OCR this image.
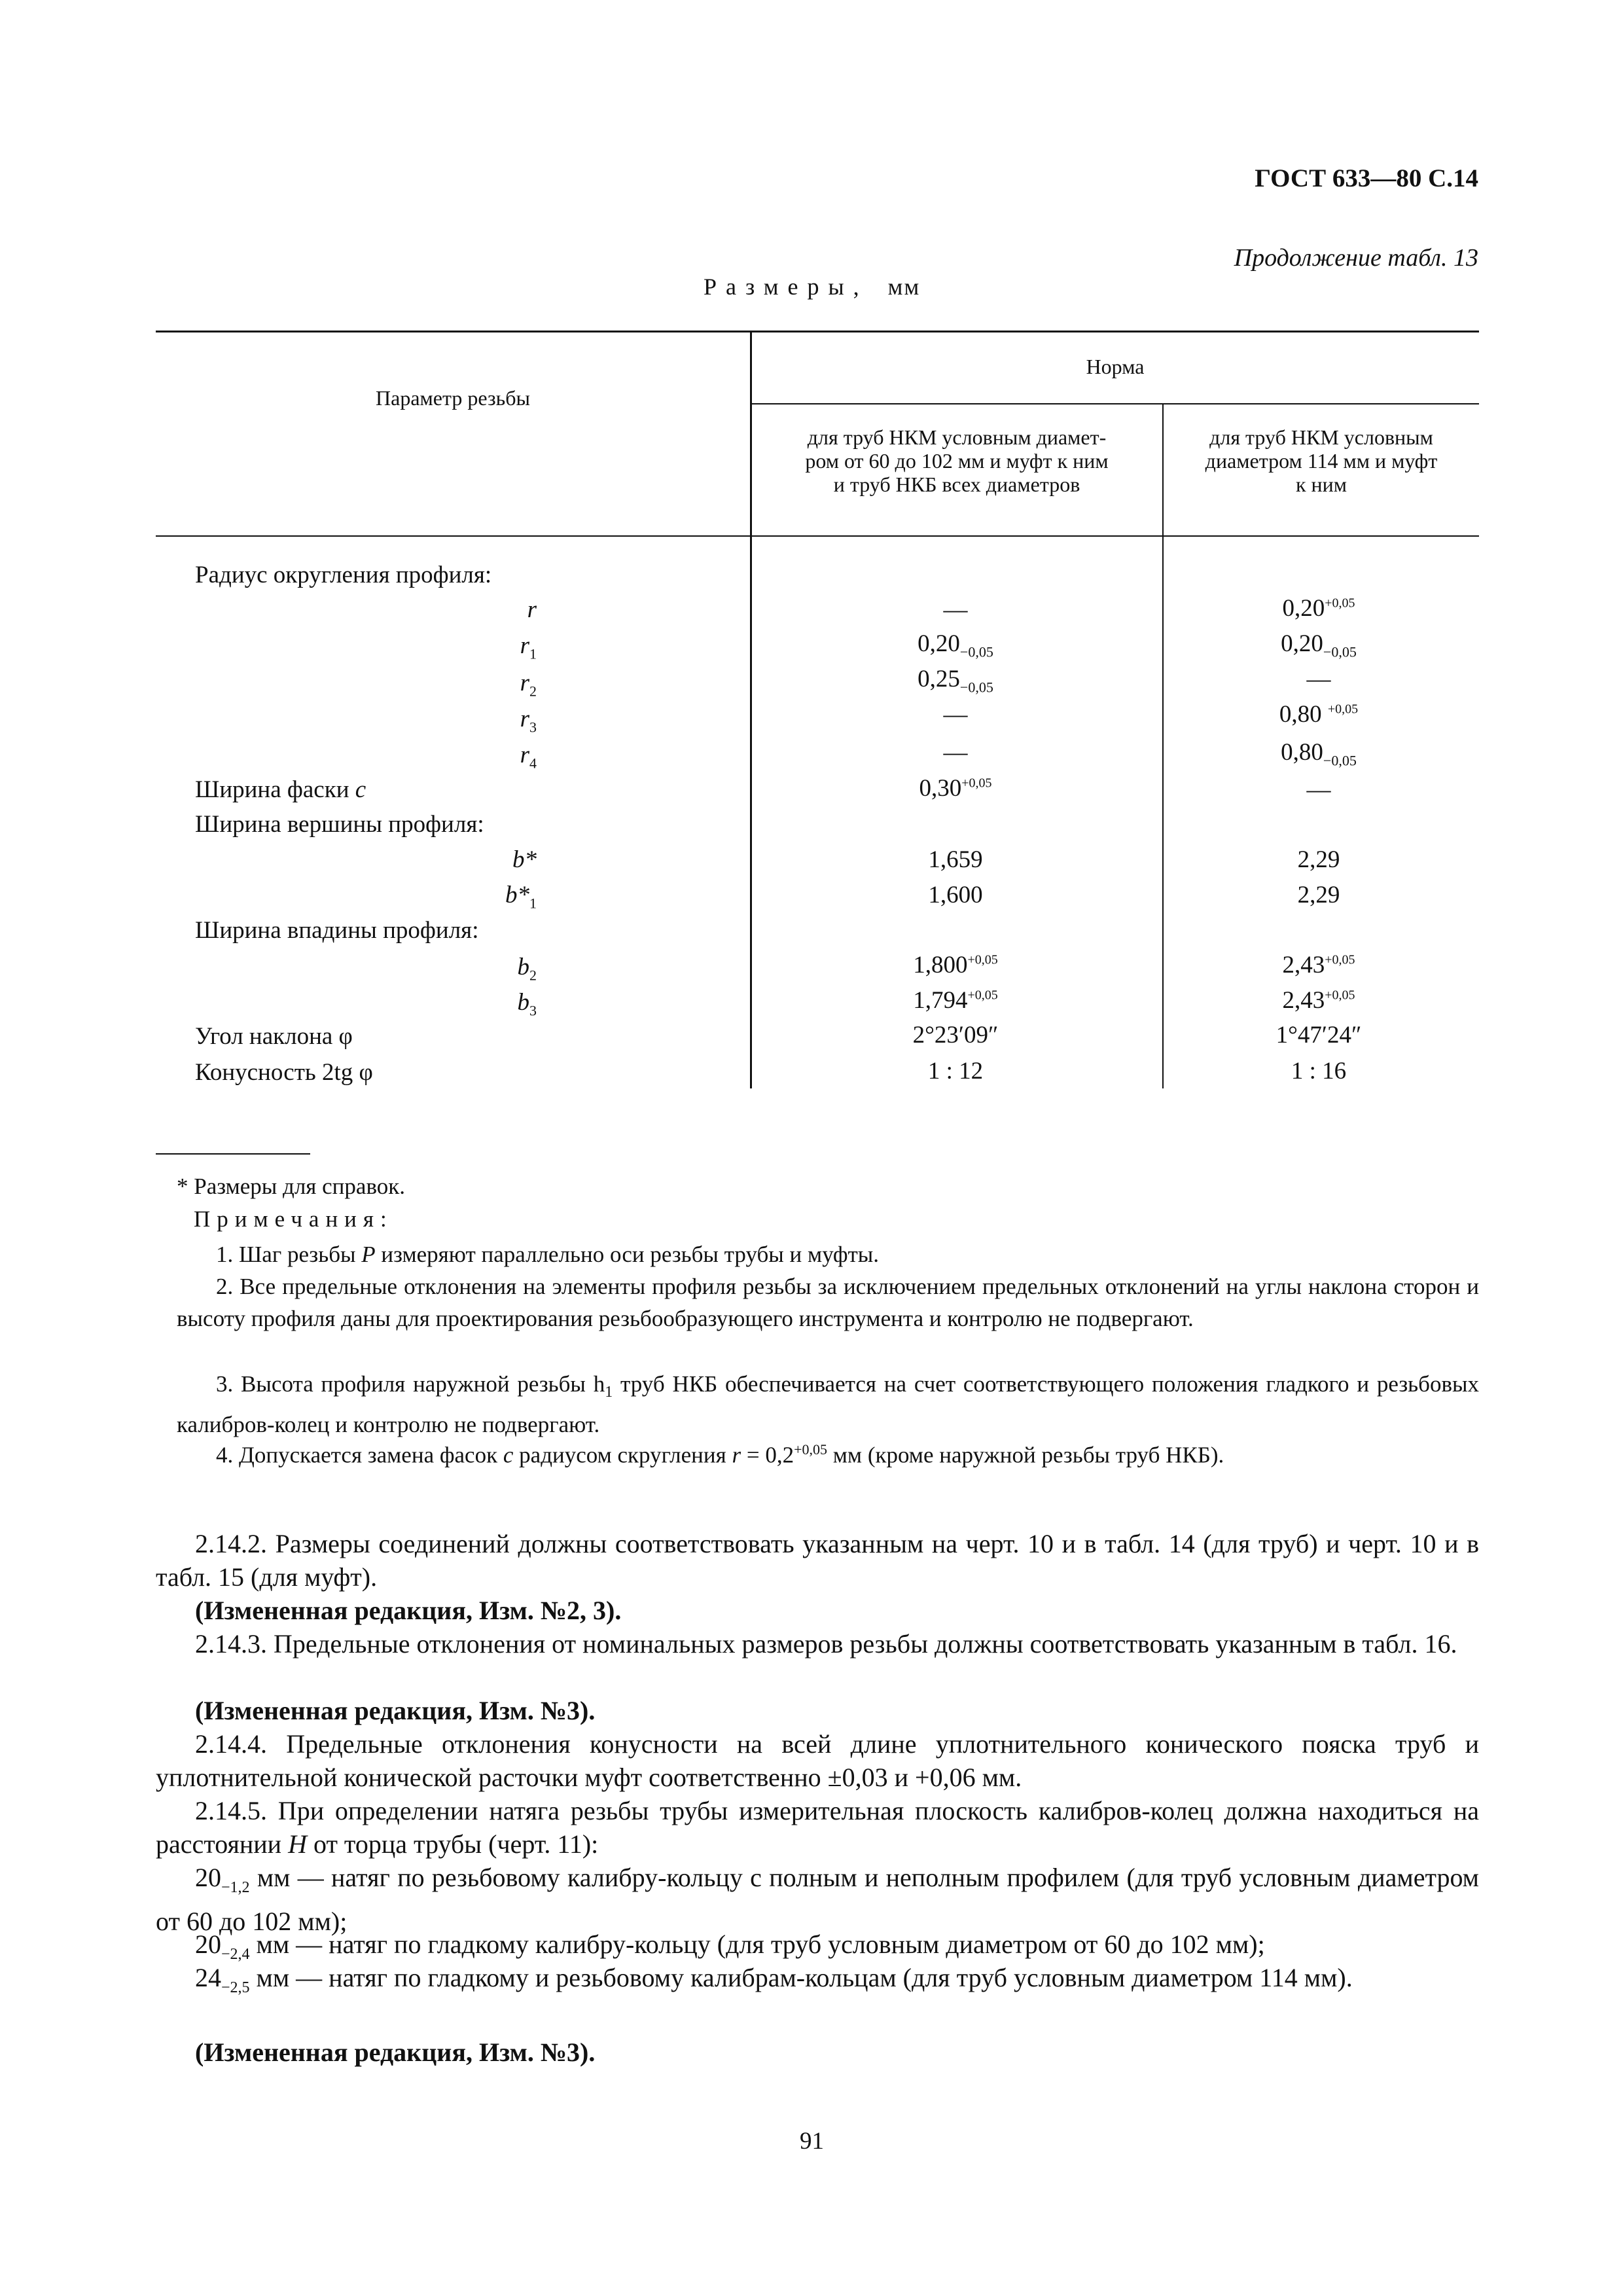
ГОСТ 633—80 С.14
Продолжение табл. 13
Размеры, мм
Параметр резьбы
Норма
для труб НКМ условным диамет-
ром от 60 до 102 мм и муфт к ним
и труб НКБ всех диаметров
для труб НКМ условным
диаметром 114 мм и муфт
к ним
Радиус округления профиля:
r	—	$0,20^{+0,05}$
$r_1$	$0,20_{-0,05}$	$0,20_{-0,05}$
$r_2$	$0,25_{-0,05}$	—
$r_3$	—	0,80 $^{+0,05}$
$r_4$	—	$0,80_{-0,05}$
Ширина фаски c	$0,30^{+0,05}$	—
Ширина вершины профиля:
b*	1,659	2,29
$b*_1$	1,600	2,29
Ширина впадины профиля:
$b_2$	$1,800^{+0,05}$	$2,43^{+0,05}$
$b_3$	$1,794^{+0,05}$	$2,43^{+0,05}$
Угол наклона φ	2°23′09″	1°47′24″
Конусность 2tg φ	1 : 12	1 : 16
* Размеры для справок.
Примечания:
1. Шаг резьбы P измеряют параллельно оси резьбы трубы и муфты.
2. Все предельные отклонения на элементы профиля резьбы за исключением предельных отклонений на углы наклона сторон и высоту профиля даны для проектирования резьбообразующего инструмента и контролю не подвергают.
3. Высота профиля наружной резьбы $h_1$ труб НКБ обеспечивается на счет соответствующего положения гладкого и резьбовых калибров-колец и контролю не подвергают.
4. Допускается замена фасок c радиусом скругления $r = 0,2^{+0,05}$ мм (кроме наружной резьбы труб НКБ).
2.14.2. Размеры соединений должны соответствовать указанным на черт. 10 и в табл. 14 (для труб) и черт. 10 и в табл. 15 (для муфт).
(Измененная редакция, Изм. №2, 3).
2.14.3. Предельные отклонения от номинальных размеров резьбы должны соответствовать указанным в табл. 16.
(Измененная редакция, Изм. №3).
2.14.4. Предельные отклонения конусности на всей длине уплотнительного конического пояска труб и уплотнительной конической расточки муфт соответственно ±0,03 и +0,06 мм.
2.14.5. При определении натяга резьбы трубы измерительная плоскость калибров-колец должна находиться на расстоянии H от торца трубы (черт. 11):
$20_{-1,2}$ мм — натяг по резьбовому калибру-кольцу с полным и неполным профилем (для труб условным диаметром от 60 до 102 мм);
$20_{-2,4}$ мм — натяг по гладкому калибру-кольцу (для труб условным диаметром от 60 до 102 мм);
$24_{-2,5}$ мм — натяг по гладкому и резьбовому калибрам-кольцам (для труб условным диаметром 114 мм).
(Измененная редакция, Изм. №3).
91
